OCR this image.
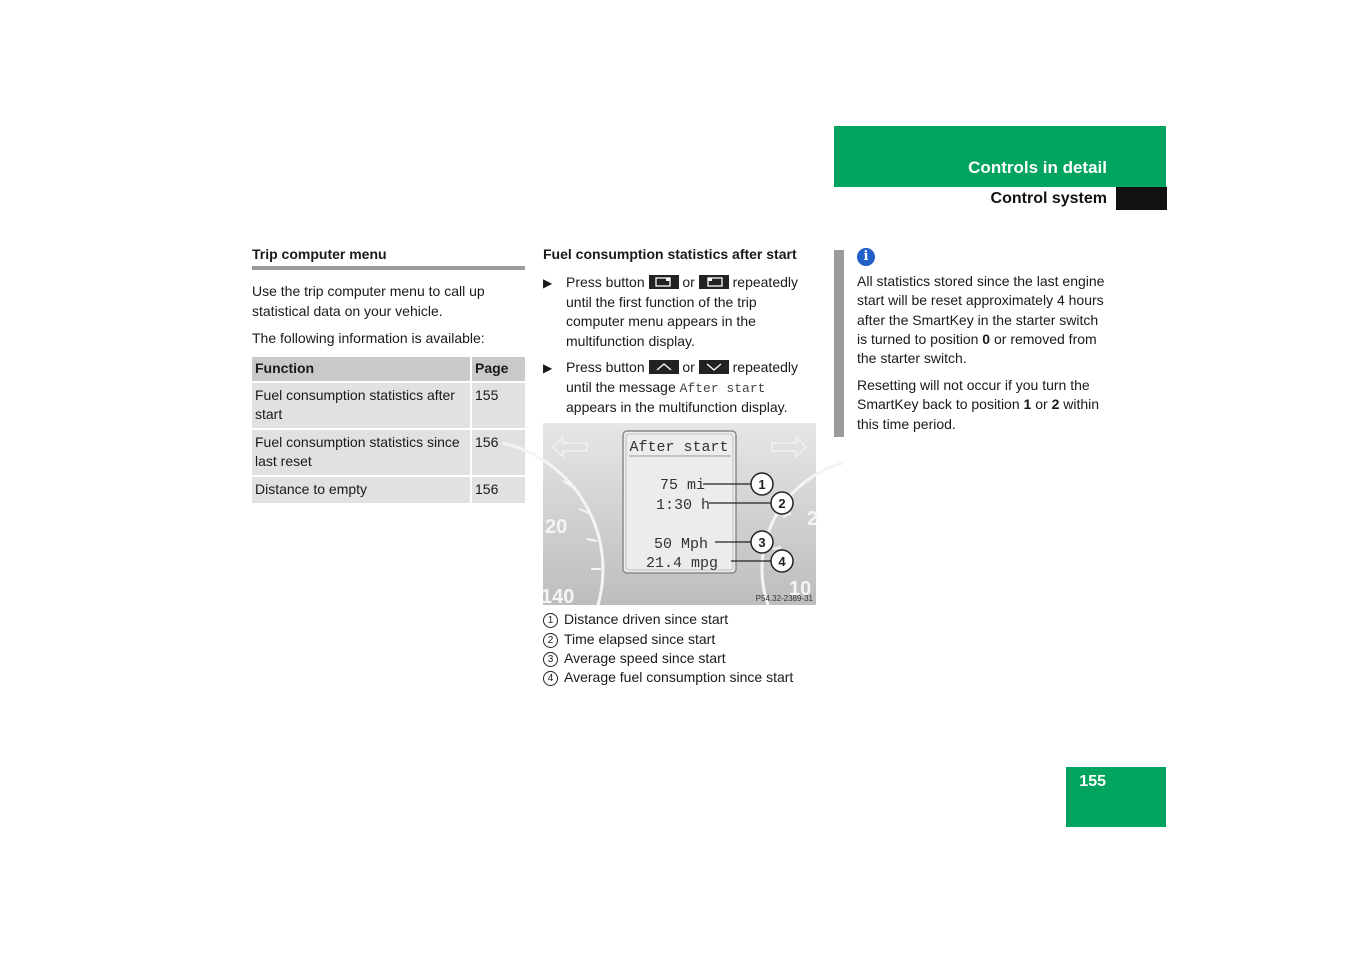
Controls in detail
Control system
Trip computer menu
Use the trip computer menu to call up statistical data on your vehicle.
The following information is available:
Function	Page
Fuel consumption statistics after start	155
Fuel consumption statistics since last reset	156
Distance to empty	156
Fuel consumption statistics after start
▶ Press button	or	repeatedly until the first function of the trip computer menu appears in the multifunction display.
▶ Press button	or	repeatedly until the message After start appears in the multifunction display.
20
140
2
10
After start
75 mi
1:30 h
50 Mph
21.4 mpg
1
2
3
4
P54.32-2389-31
1 Distance driven since start
2 Time elapsed since start
3 Average speed since start
4 Average fuel consumption since start
i
All statistics stored since the last engine start will be reset approximately 4 hours after the SmartKey in the starter switch is turned to position 0 or removed from the starter switch.
Resetting will not occur if you turn the SmartKey back to position 1 or 2 within this time period.
155
